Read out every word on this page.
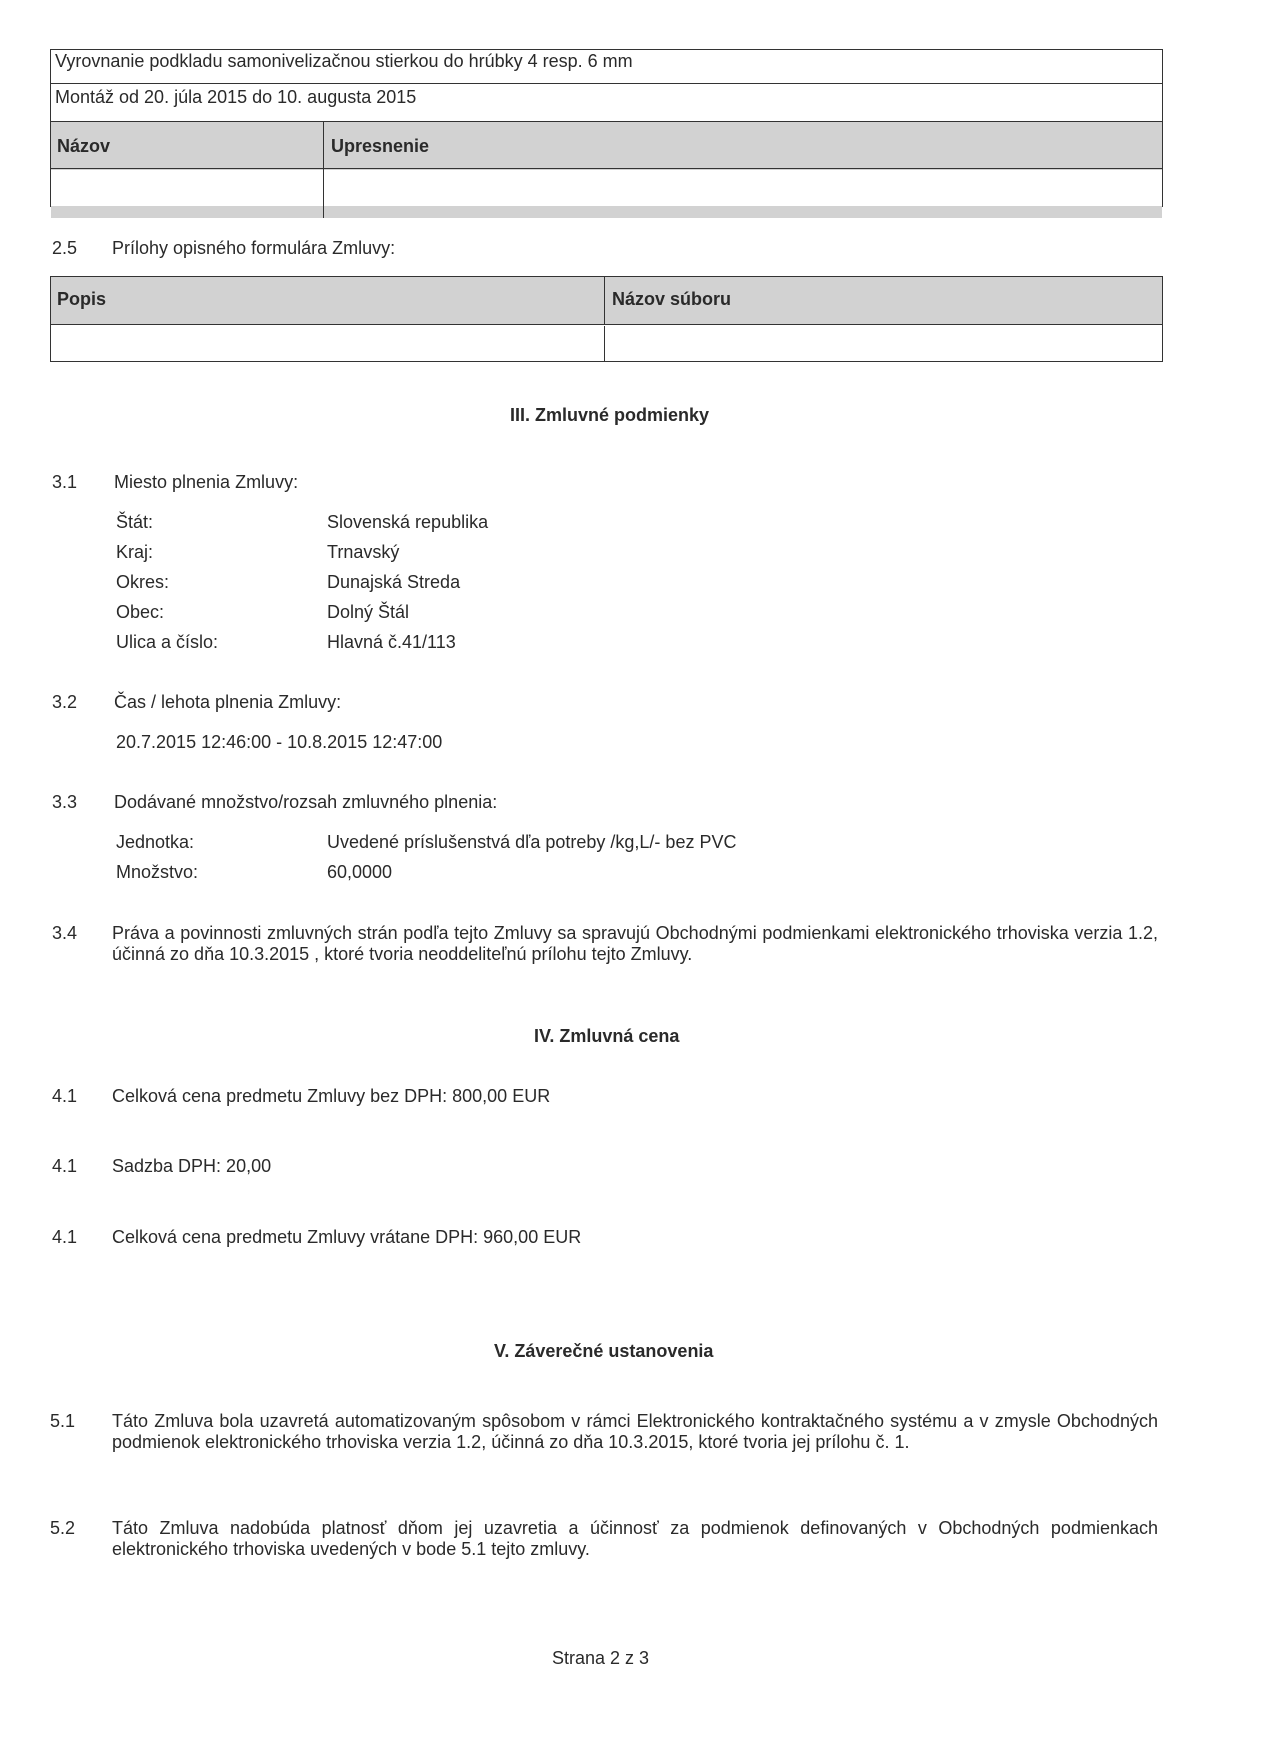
Vyrovnanie podkladu samonivelizačnou stierkou do hrúbky 4 resp. 6 mm
Montáž od 20. júla 2015 do 10. augusta 2015
Názov	Upresnenie
2.5 Prílohy opisného formulára Zmluvy:
Popis	Názov súboru
III. Zmluvné podmienky
3.1 Miesto plnenia Zmluvy:
Štát:	Slovenská republika
Kraj:	Trnavský
Okres:	Dunajská Streda
Obec:	Dolný Štál
Ulica a číslo:	Hlavná č.41/113
3.2 Čas / lehota plnenia Zmluvy:
20.7.2015 12:46:00 - 10.8.2015 12:47:00
3.3 Dodávané množstvo/rozsah zmluvného plnenia:
Jednotka:	Uvedené príslušenstvá dľa potreby /kg,L/- bez PVC
Množstvo:	60,0000
3.4 Práva a povinnosti zmluvných strán podľa tejto Zmluvy sa spravujú Obchodnými podmienkami elektronického trhoviska verzia 1.2, účinná zo dňa 10.3.2015 , ktoré tvoria neoddeliteľnú prílohu tejto Zmluvy.
IV. Zmluvná cena
4.1 Celková cena predmetu Zmluvy bez DPH: 800,00 EUR
4.1 Sadzba DPH: 20,00
4.1 Celková cena predmetu Zmluvy vrátane DPH: 960,00 EUR
V. Záverečné ustanovenia
5.1 Táto Zmluva bola uzavretá automatizovaným spôsobom v rámci Elektronického kontraktačného systému a v zmysle Obchodných podmienok elektronického trhoviska verzia 1.2, účinná zo dňa 10.3.2015, ktoré tvoria jej prílohu č. 1.
5.2 Táto Zmluva nadobúda platnosť dňom jej uzavretia a účinnosť za podmienok definovaných v Obchodných podmienkach elektronického trhoviska uvedených v bode 5.1 tejto zmluvy.
Strana 2 z 3
